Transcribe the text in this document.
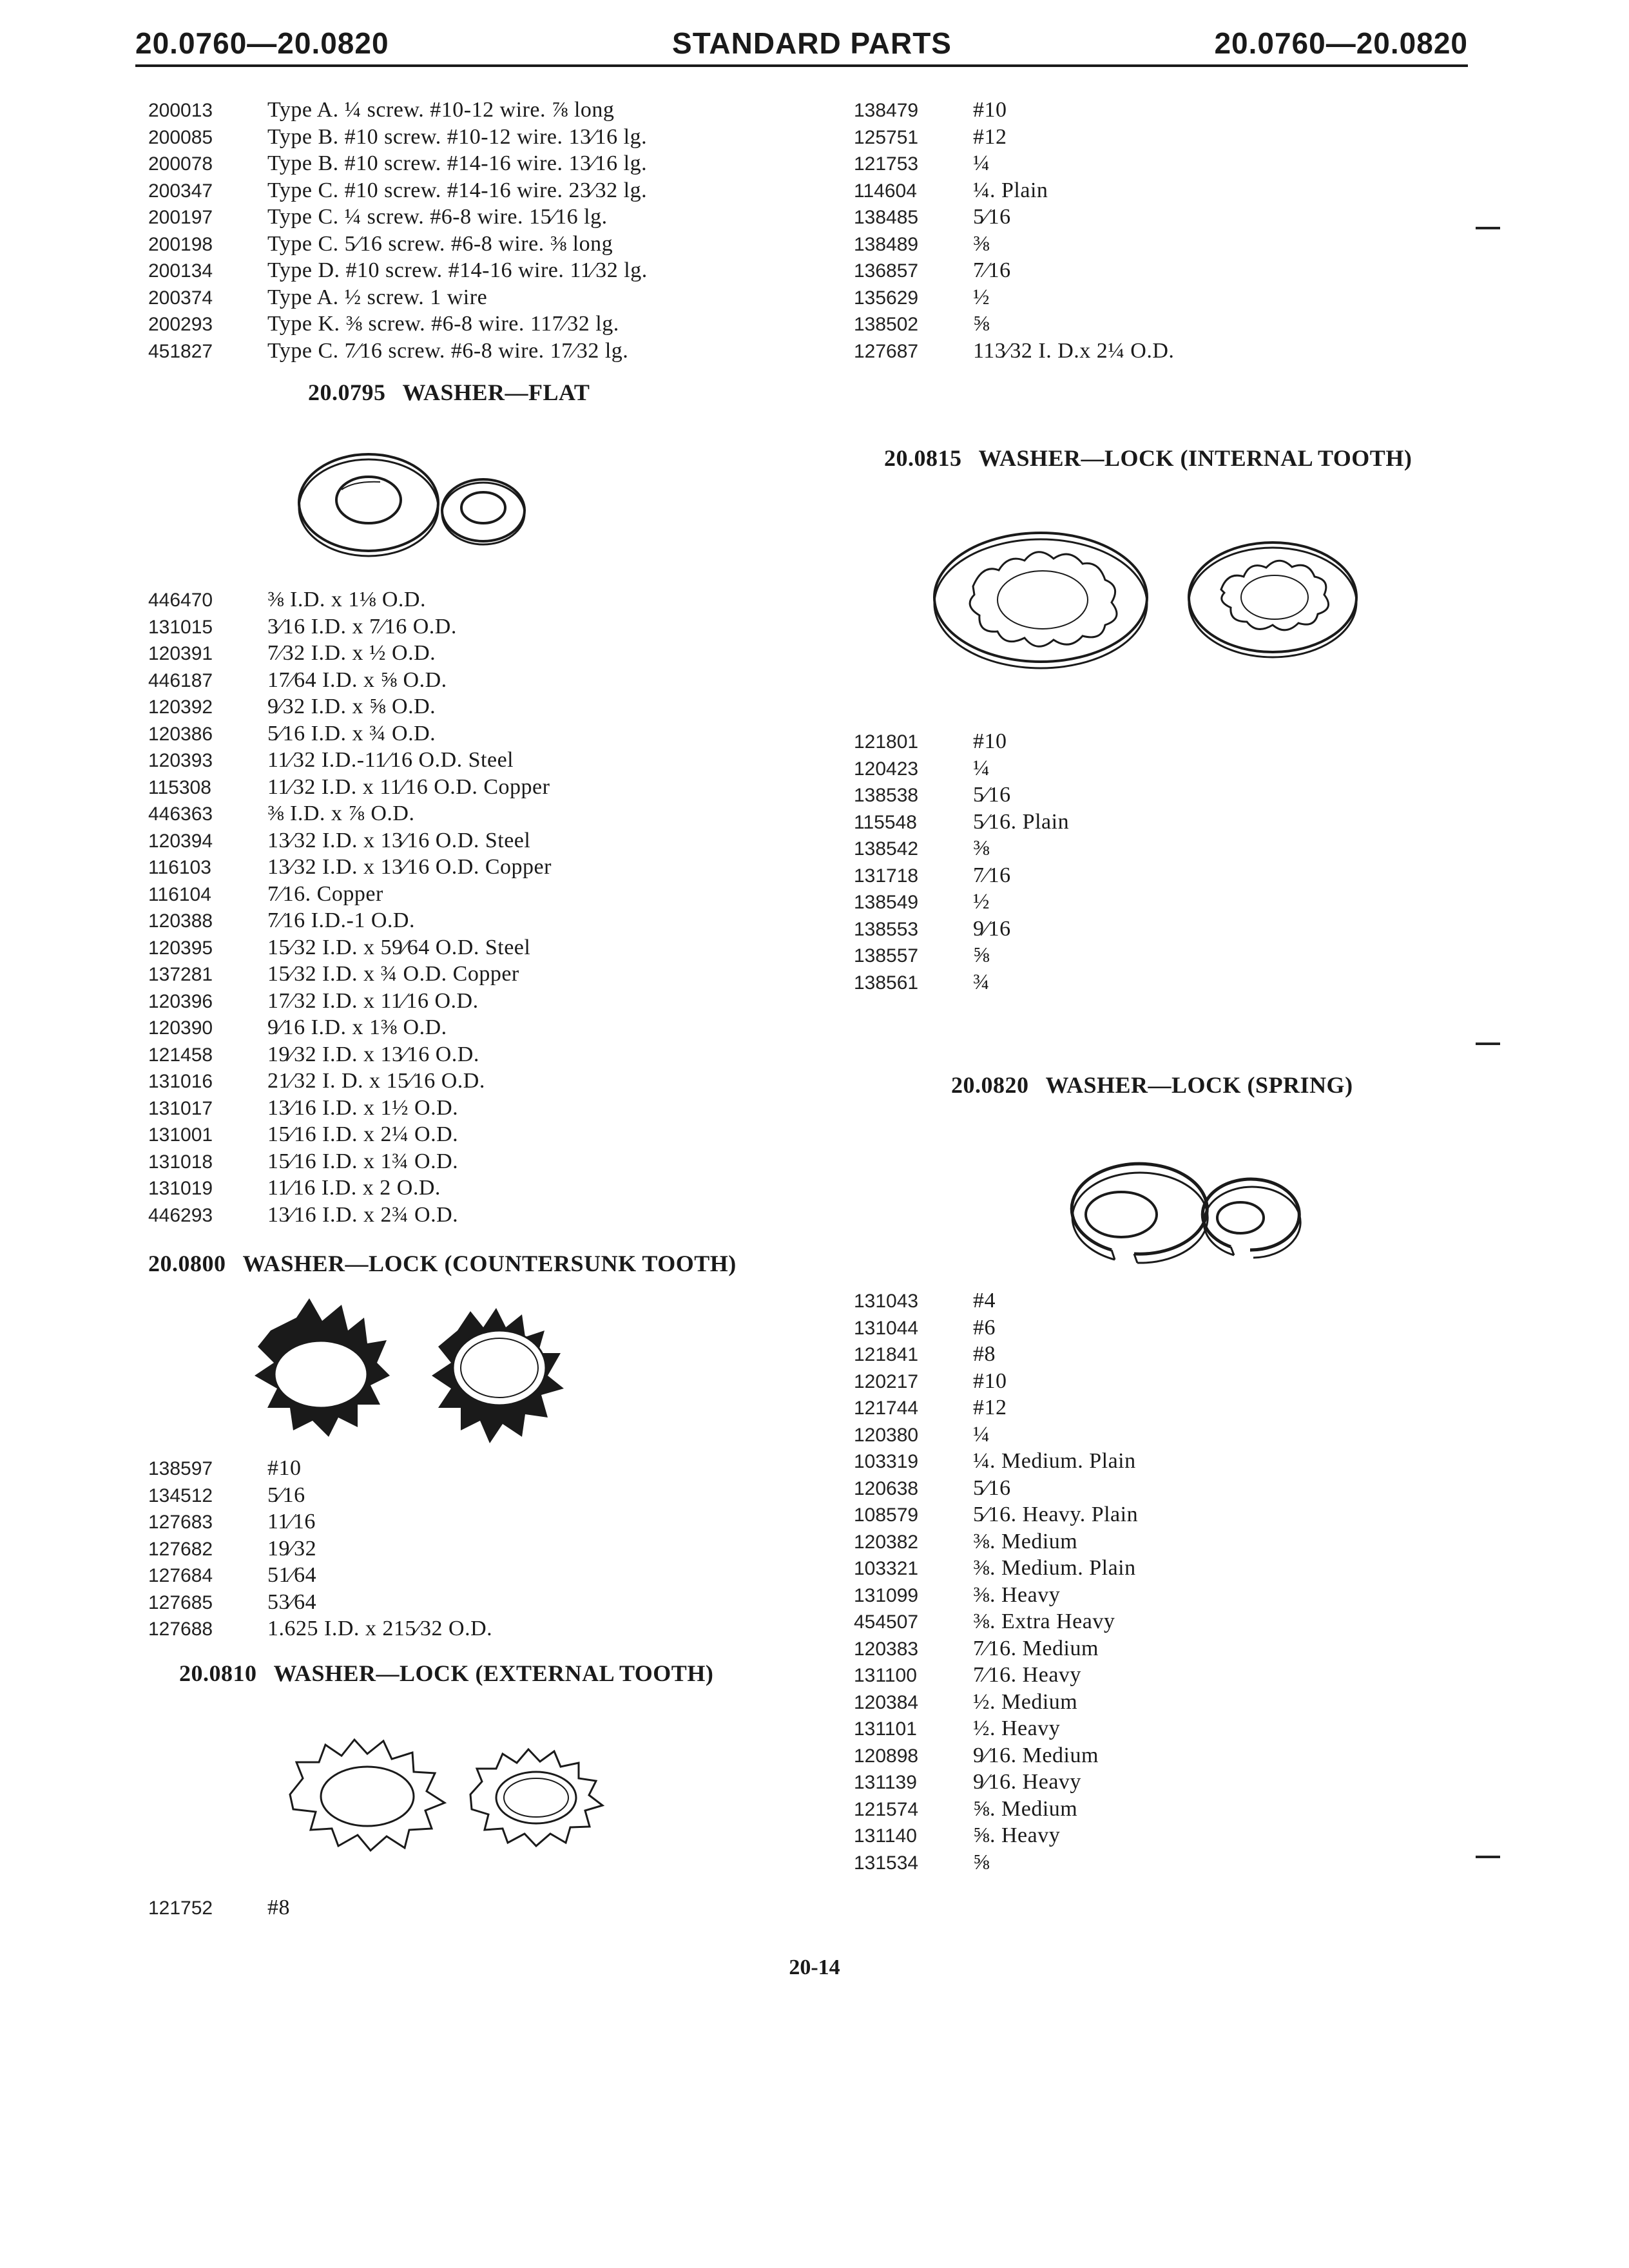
20.0760—20.0820	STANDARD PARTS	20.0760—20.0820
200013 Type A. ¼ screw. #10-12 wire. ⅞ long
200085 Type B. #10 screw. #10-12 wire. 13⁄16 lg.
200078 Type B. #10 screw. #14-16 wire. 13⁄16 lg.
200347 Type C. #10 screw. #14-16 wire. 23⁄32 lg.
200197 Type C. ¼ screw. #6-8 wire. 15⁄16 lg.
200198 Type C. 5⁄16 screw. #6-8 wire. ⅜ long
200134 Type D. #10 screw. #14-16 wire. 11⁄32 lg.
200374 Type A. ½ screw. 1 wire
200293 Type K. ⅜ screw. #6-8 wire. 117⁄32 lg.
451827 Type C. 7⁄16 screw. #6-8 wire. 17⁄32 lg.
20.0795 WASHER—FLAT
446470 ⅜ I.D. x 1⅛ O.D.
131015 3⁄16 I.D. x 7⁄16 O.D.
120391 7⁄32 I.D. x ½ O.D.
446187 17⁄64 I.D. x ⅝ O.D.
120392 9⁄32 I.D. x ⅝ O.D.
120386 5⁄16 I.D. x ¾ O.D.
120393 11⁄32 I.D.-11⁄16 O.D. Steel
115308	11⁄32 I.D. x 11⁄16 O.D. Copper
446363 ⅜ I.D. x ⅞ O.D.
120394 13⁄32 I.D. x 13⁄16 O.D. Steel
116103	13⁄32 I.D. x 13⁄16 O.D. Copper
116104	7⁄16. Copper
120388 7⁄16 I.D.-1 O.D.
120395 15⁄32 I.D. x 59⁄64 O.D. Steel
137281 15⁄32 I.D. x ¾ O.D. Copper
120396 17⁄32 I.D. x 11⁄16 O.D.
120390 9⁄16 I.D. x 1⅜ O.D.
121458 19⁄32 I.D. x 13⁄16 O.D.
131016 21⁄32 I. D. x 15⁄16 O.D.
131017 13⁄16 I.D. x 1½ O.D.
131001 15⁄16 I.D. x 2¼ O.D.
131018 15⁄16 I.D. x 1¾ O.D.
131019 11⁄16 I.D. x 2 O.D.
446293 13⁄16 I.D. x 2¾ O.D.
20.0800 WASHER—LOCK (COUNTERSUNK TOOTH)
138597 #10
134512 5⁄16
127683 11⁄16
127682 19⁄32
127684 51⁄64
127685 53⁄64
127688 1.625 I.D. x 215⁄32 O.D.
20.0810 WASHER—LOCK (EXTERNAL TOOTH)
121752 #8
138479 #10
125751 #12
121753 ¼
114604	¼. Plain
138485 5⁄16
138489 ⅜
136857 7⁄16
135629 ½
138502 ⅝
127687 113⁄32 I. D.x 2¼ O.D.
20.0815 WASHER—LOCK (INTERNAL TOOTH)
121801 #10
120423 ¼
138538 5⁄16
115548	5⁄16. Plain
138542 ⅜
131718 7⁄16
138549 ½
138553 9⁄16
138557 ⅝
138561 ¾
20.0820 WASHER—LOCK (SPRING)
131043 #4
131044 #6
121841 #8
120217 #10
121744 #12
120380 ¼
103319 ¼. Medium. Plain
120638 5⁄16
108579 5⁄16. Heavy. Plain
120382 ⅜. Medium
103321 ⅜. Medium. Plain
131099 ⅜. Heavy
454507 ⅜. Extra Heavy
120383 7⁄16. Medium
131100	7⁄16. Heavy
120384 ½. Medium
131101	½. Heavy
120898 9⁄16. Medium
131139	9⁄16. Heavy
121574 ⅝. Medium
131140	⅝. Heavy
131534 ⅝
20-14
